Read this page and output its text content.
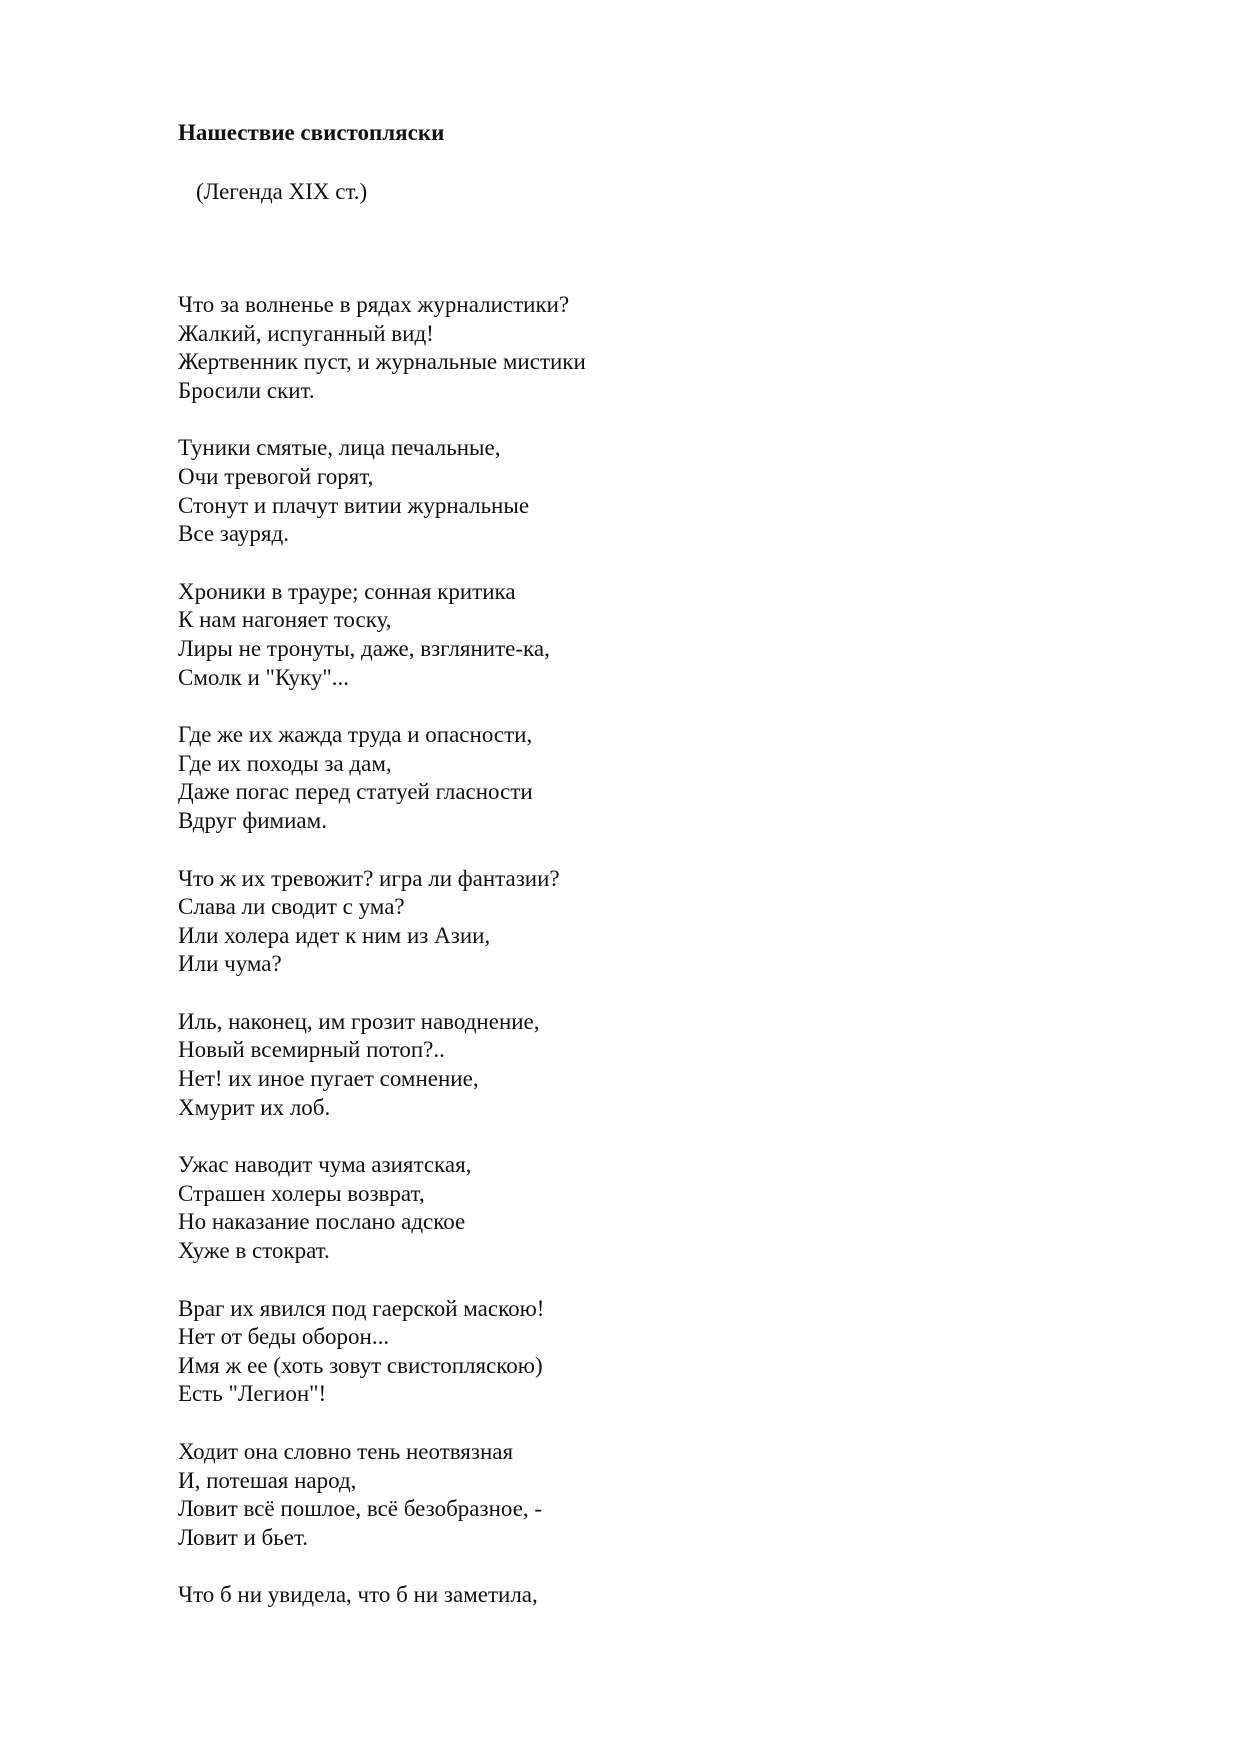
Нашествие свистопляски
(Легенда XIX ст.)
Что за волненье в рядах журналистики?
Жалкий, испуганный вид!
Жертвенник пуст, и журнальные мистики
Бросили скит.
Туники смятые, лица печальные,
Очи тревогой горят,
Стонут и плачут витии журнальные
Все зауряд.
Хроники в трауре; сонная критика
К нам нагоняет тоску,
Лиры не тронуты, даже, взгляните-ка,
Смолк и "Куку"...
Где же их жажда труда и опасности,
Где их походы за дам,
Даже погас перед статуей гласности
Вдруг фимиам.
Что ж их тревожит? игра ли фантазии?
Слава ли сводит с ума?
Или холера идет к ним из Азии,
Или чума?
Иль, наконец, им грозит наводнение,
Новый всемирный потоп?..
Нет! их иное пугает сомнение,
Хмурит их лоб.
Ужас наводит чума азиятская,
Страшен холеры возврат,
Но наказание послано адское
Хуже в стократ.
Враг их явился под гаерской маскою!
Нет от беды оборон...
Имя ж ее (хоть зовут свистопляскою)
Есть "Легион"!
Ходит она словно тень неотвязная
И, потешая народ,
Ловит всё пошлое, всё безобразное, -
Ловит и бьет.
Что б ни увидела, что б ни заметила,
